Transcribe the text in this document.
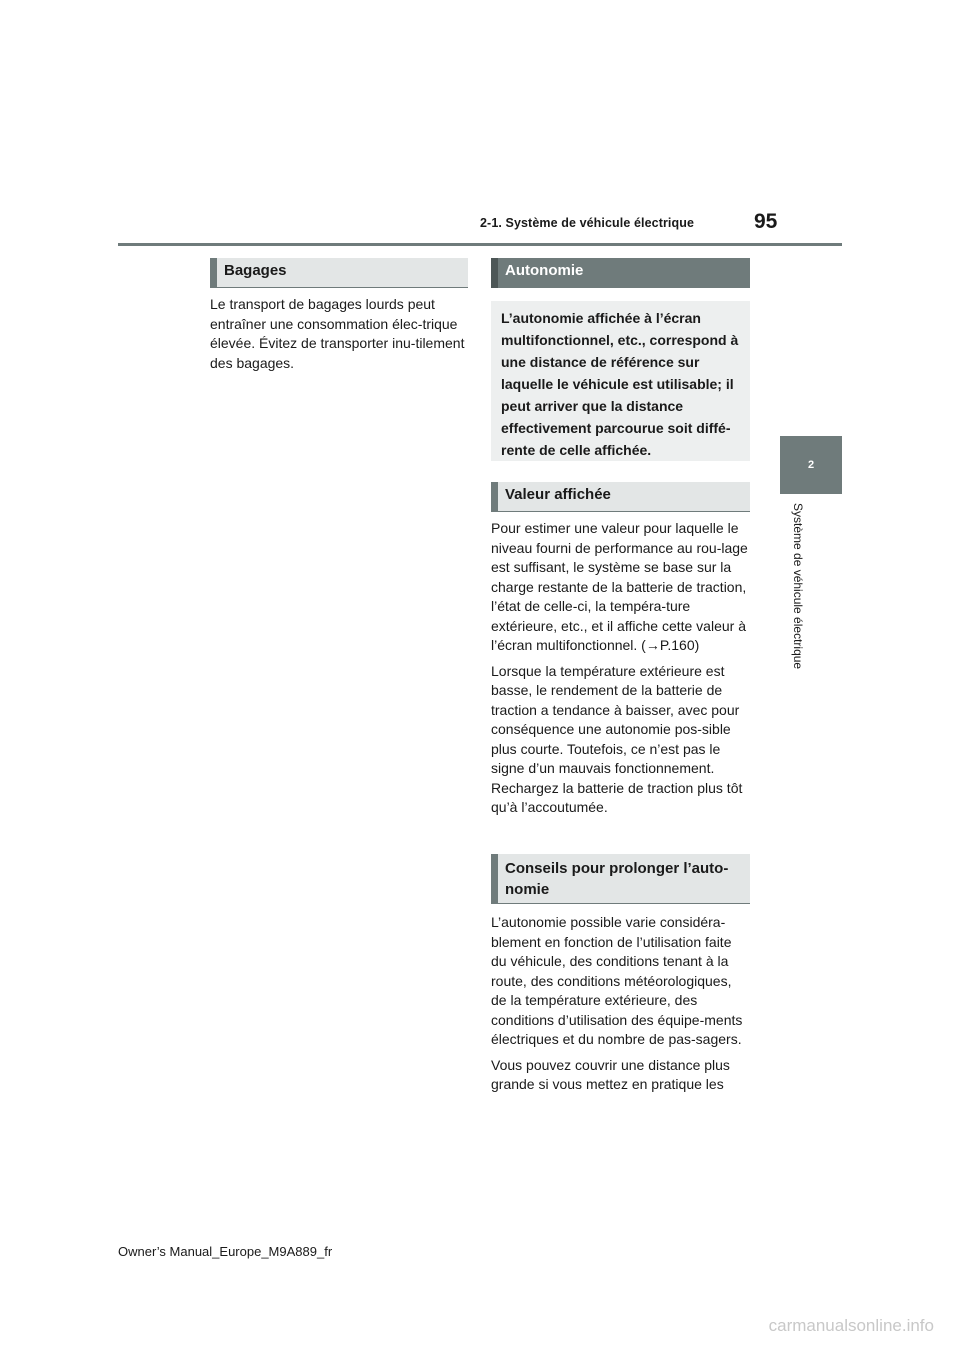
2-1. Système de véhicule électrique	95
2
Système de véhicule électrique
Bagages

Le transport de bagages lourds peut entraîner une consommation élec-trique élevée. Évitez de transporter inu-tilement des bagages.

Autonomie
L’autonomie affichée à l’écran multifonctionnel, etc., correspond à une distance de référence sur laquelle le véhicule est utilisable; il peut arriver que la distance effectivement parcourue soit diffé-rente de celle affichée.
Valeur affichée

Pour estimer une valeur pour laquelle le niveau fourni de performance au rou-lage est suffisant, le système se base sur la charge restante de la batterie de traction, l’état de celle-ci, la tempéra-ture extérieure, etc., et il affiche cette valeur à l’écran multifonctionnel. (→P.160)

Lorsque la température extérieure est basse, le rendement de la batterie de traction a tendance à baisser, avec pour conséquence une autonomie pos-sible plus courte. Toutefois, ce n’est pas le signe d’un mauvais fonctionnement. Rechargez la batterie de traction plus tôt qu’à l’accoutumée.

Conseils pour prolonger l’auto-nomie

L’autonomie possible varie considéra-blement en fonction de l’utilisation faite du véhicule, des conditions tenant à la route, des conditions météorologiques, de la température extérieure, des conditions d’utilisation des équipe-ments électriques et du nombre de pas-sagers.

Vous pouvez couvrir une distance plus grande si vous mettez en pratique les

Owner’s Manual_Europe_M9A889_fr
carmanualsonline.info
